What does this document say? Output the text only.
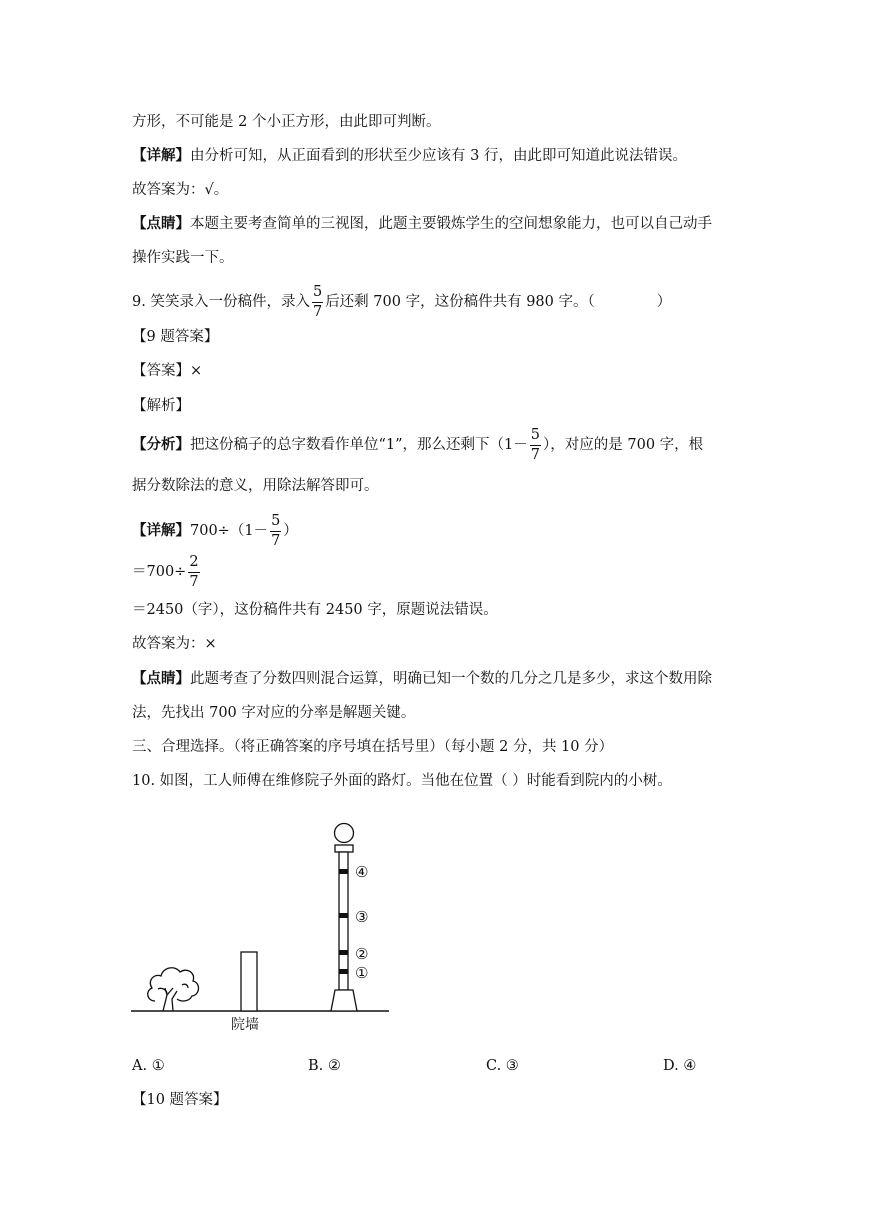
方形，不可能是 2 个小正方形，由此即可判断。
【详解】由分析可知，从正面看到的形状至少应该有 3 行，由此即可知道此说法错误。
故答案为：√。
【点睛】本题主要考查简单的三视图，此题主要锻炼学生的空间想象能力，也可以自己动手
操作实践一下。
9. 笑笑录入一份稿件，录入 $\frac{5}{7}$ 后还剩 700 字，这份稿件共有 980 字。（	）
【9 题答案】
【答案】×
【解析】
【分析】把这份稿子的总字数看作单位“1”，那么还剩下（$1- \frac{5}{7}$ ），对应的是 700 字，根
据分数除法的意义，用除法解答即可。
【详解】$700\div(1- \frac{5}{7}$ ）
$=700\div \frac{2}{7}$
＝2450（字），这份稿件共有 2450 字，原题说法错误。
故答案为：×
【点睛】此题考查了分数四则混合运算，明确已知一个数的几分之几是多少，求这个数用除
法，先找出 700 字对应的分率是解题关键。
三、合理选择。（将正确答案的序号填在括号里）（每小题 2 分，共 10 分）
10. 如图，工人师傅在维修院子外面的路灯。当他在位置（ ）时能看到院内的小树。
院墙
④
③
②
①
A. ①	B. ②	C. ③	D. ④
【10 题答案】
